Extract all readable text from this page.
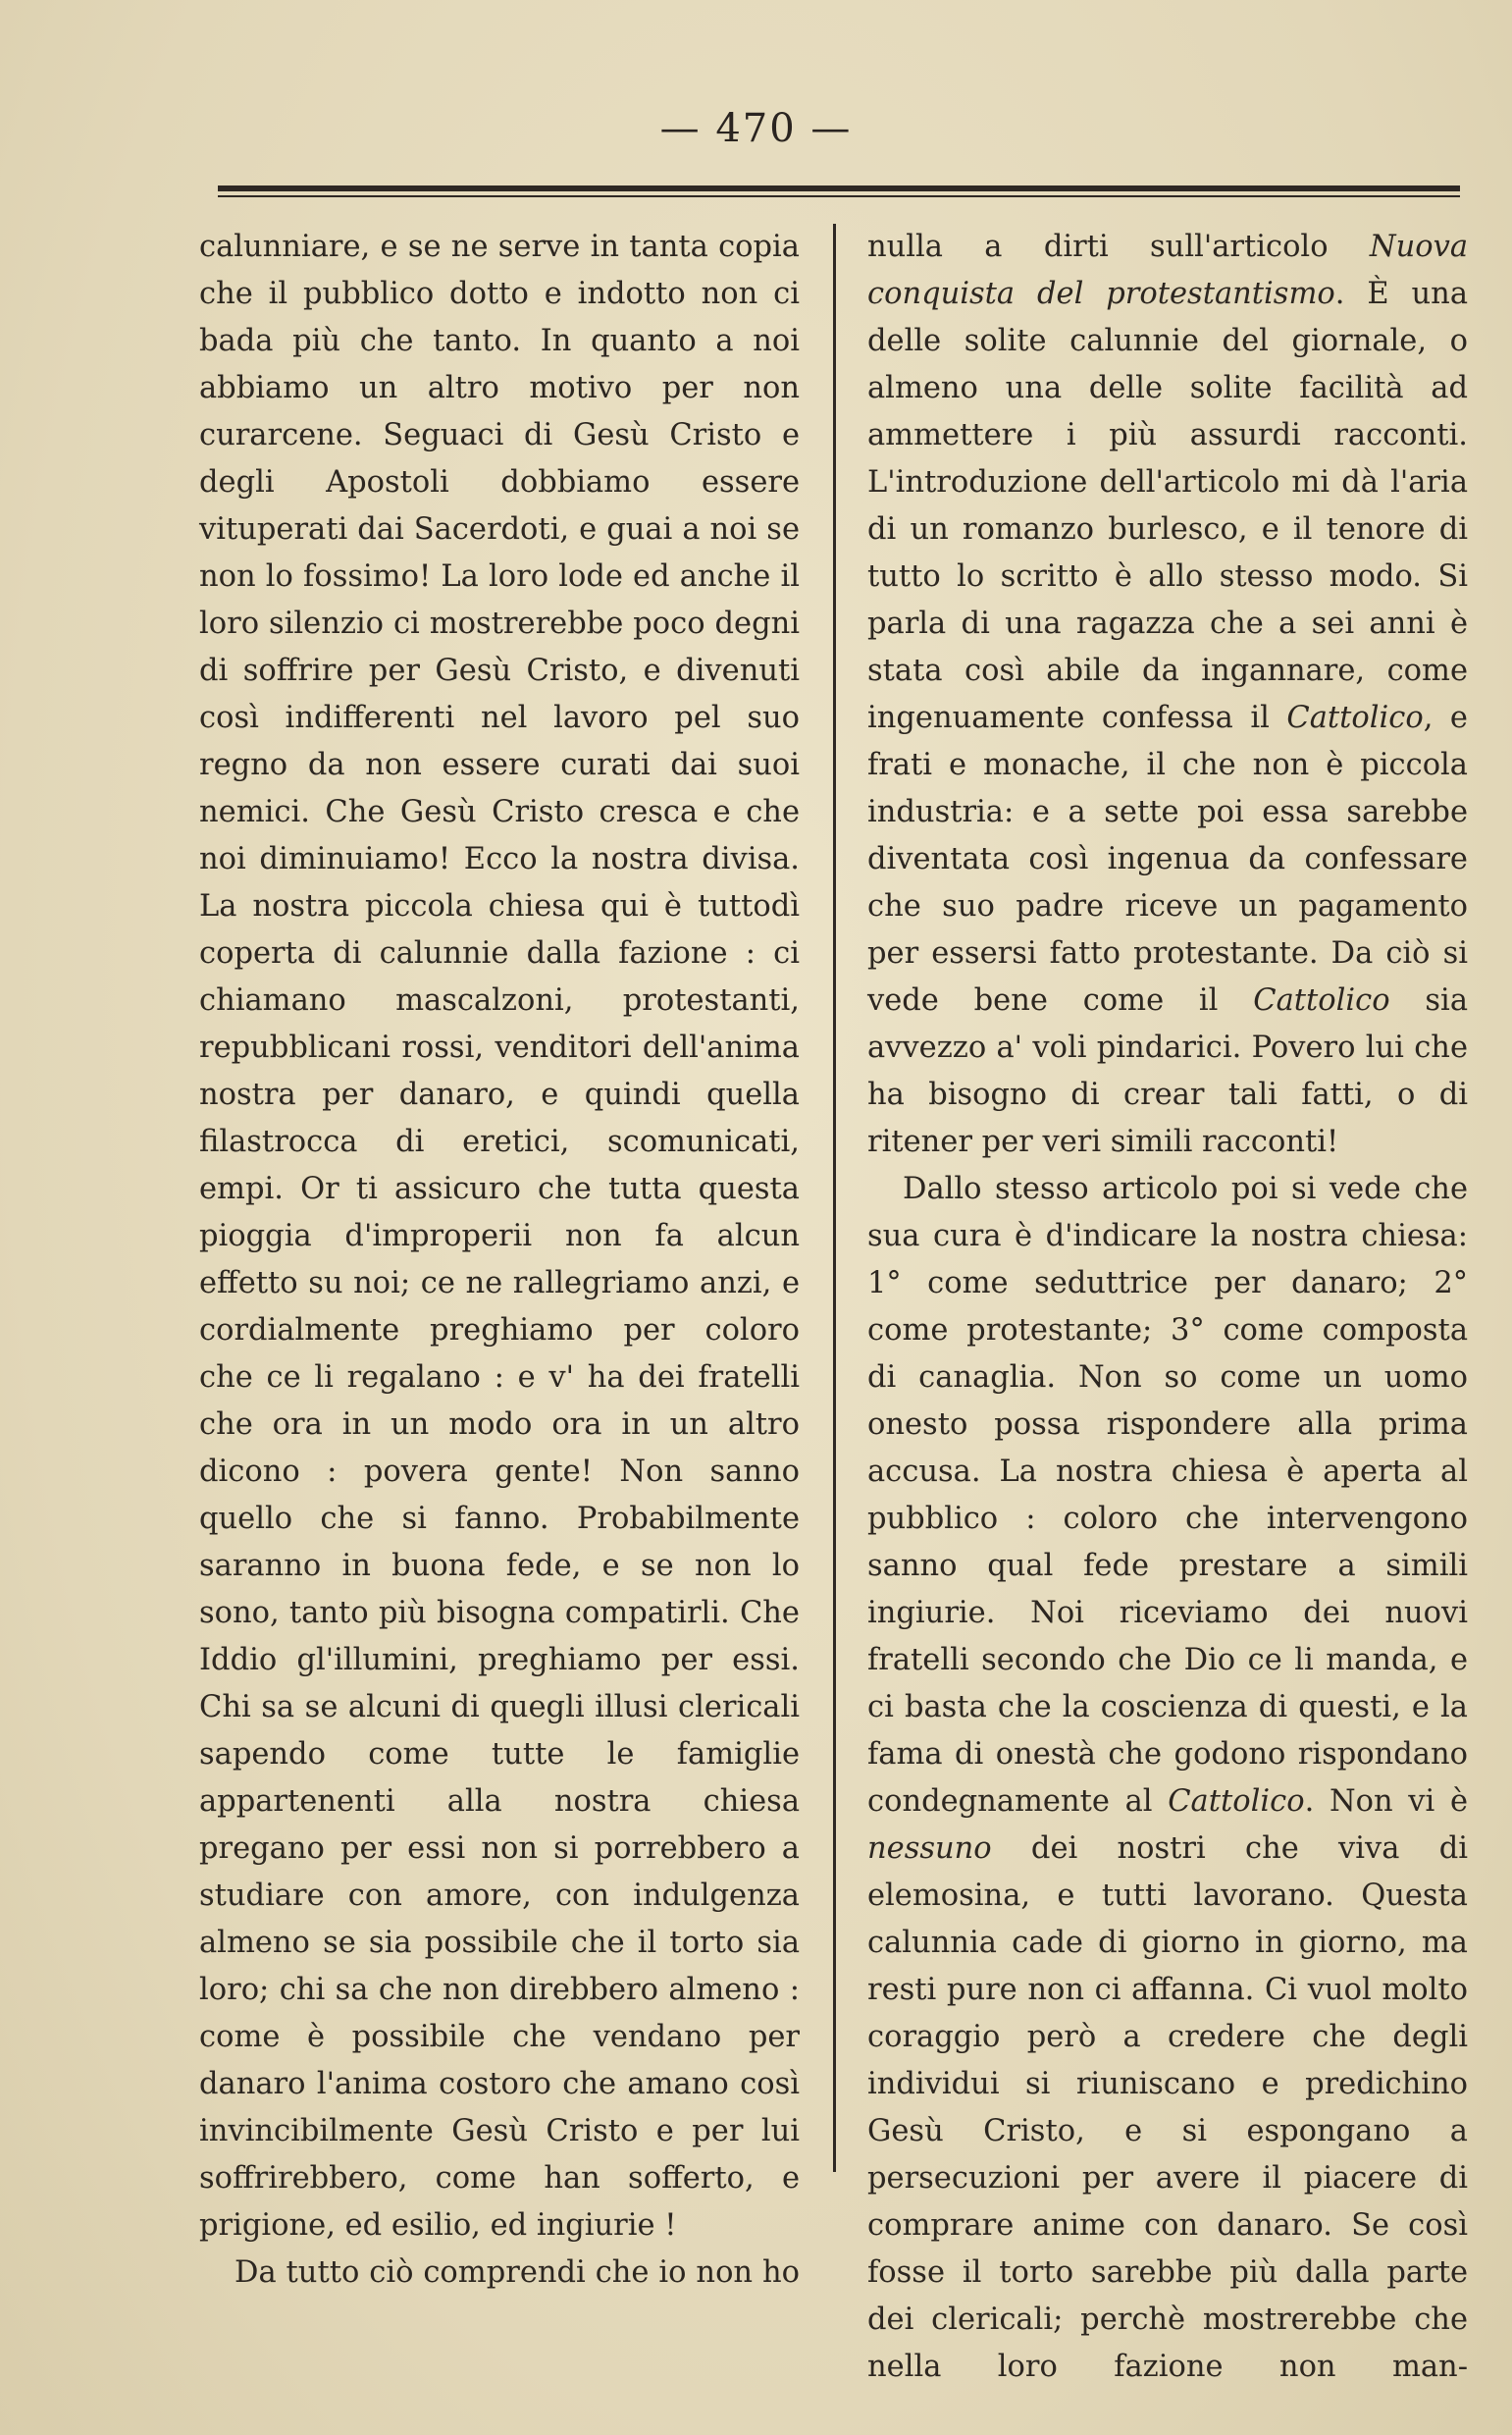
— 470 —

calunniare, e se ne serve in tanta copia che il pubblico dotto e indotto non ci bada più che tanto. In quanto a noi abbiamo un altro motivo per non curarcene. Seguaci di Gesù Cristo e degli Apostoli dobbiamo essere vituperati dai Sacerdoti, e guai a noi se non lo fossimo! La loro lode ed anche il loro silenzio ci mostrerebbe poco degni di soffrire per Gesù Cristo, e divenuti così indifferenti nel lavoro pel suo regno da non essere curati dai suoi nemici. Che Gesù Cristo cresca e che noi diminuiamo! Ecco la nostra divisa. La nostra piccola chiesa qui è tuttodì coperta di calunnie dalla fazione : ci chiamano mascalzoni, protestanti, repubblicani rossi, venditori dell'anima nostra per danaro, e quindi quella filastrocca di eretici, scomunicati, empi. Or ti assicuro che tutta questa pioggia d'improperii non fa alcun effetto su noi; ce ne rallegriamo anzi, e cordialmente preghiamo per coloro che ce li regalano : e v' ha dei fratelli che ora in un modo ora in un altro dicono : povera gente! Non sanno quello che si fanno. Probabilmente saranno in buona fede, e se non lo sono, tanto più bisogna compatirli. Che Iddio gl'illumini, preghiamo per essi. Chi sa se alcuni di quegli illusi clericali sapendo come tutte le famiglie appartenenti alla nostra chiesa pregano per essi non si porrebbero a studiare con amore, con indulgenza almeno se sia possibile che il torto sia loro; chi sa che non direbbero almeno : come è possibile che vendano per danaro l'anima costoro che amano così invincibilmente Gesù Cristo e per lui soffrirebbero, come han sofferto, e prigione, ed esilio, ed ingiurie !

Da tutto ciò comprendi che io non ho

nulla a dirti sull'articolo Nuova conquista del protestantismo. È una delle solite calunnie del giornale, o almeno una delle solite facilità ad ammettere i più assurdi racconti. L'introduzione dell'articolo mi dà l'aria di un romanzo burlesco, e il tenore di tutto lo scritto è allo stesso modo. Si parla di una ragazza che a sei anni è stata così abile da ingannare, come ingenuamente confessa il Cattolico, e frati e monache, il che non è piccola industria: e a sette poi essa sarebbe diventata così ingenua da confessare che suo padre riceve un pagamento per essersi fatto protestante. Da ciò si vede bene come il Cattolico sia avvezzo a' voli pindarici. Povero lui che ha bisogno di crear tali fatti, o di ritener per veri simili racconti!

Dallo stesso articolo poi si vede che sua cura è d'indicare la nostra chiesa: 1° come seduttrice per danaro; 2° come protestante; 3° come composta di canaglia. Non so come un uomo onesto possa rispondere alla prima accusa. La nostra chiesa è aperta al pubblico : coloro che intervengono sanno qual fede prestare a simili ingiurie. Noi riceviamo dei nuovi fratelli secondo che Dio ce li manda, e ci basta che la coscienza di questi, e la fama di onestà che godono rispondano condegnamente al Cattolico. Non vi è nessuno dei nostri che viva di elemosina, e tutti lavorano. Questa calunnia cade di giorno in giorno, ma resti pure non ci affanna. Ci vuol molto coraggio però a credere che degli individui si riuniscano e predichino Gesù Cristo, e si espongano a persecuzioni per avere il piacere di comprare anime con danaro. Se così fosse il torto sarebbe più dalla parte dei clericali; perchè mostrerebbe che nella loro fazione non man-
